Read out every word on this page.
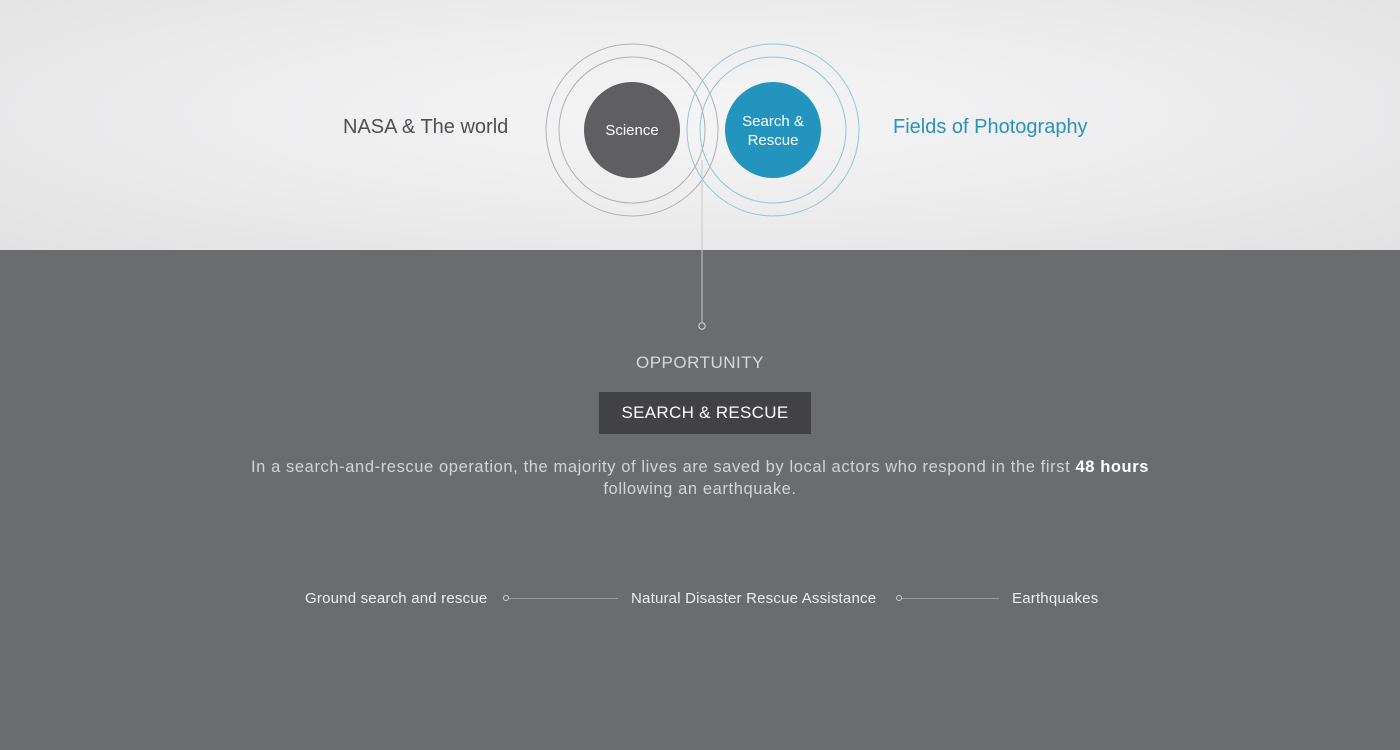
NASA & The world	Fields of Photography
Science
Search & Rescue
OPPORTUNITY
SEARCH & RESCUE
In a search-and-rescue operation, the majority of lives are saved by local actors who respond in the first 48 hours following an earthquake.
Ground search and rescue	Natural Disaster Rescue Assistance	Earthquakes
